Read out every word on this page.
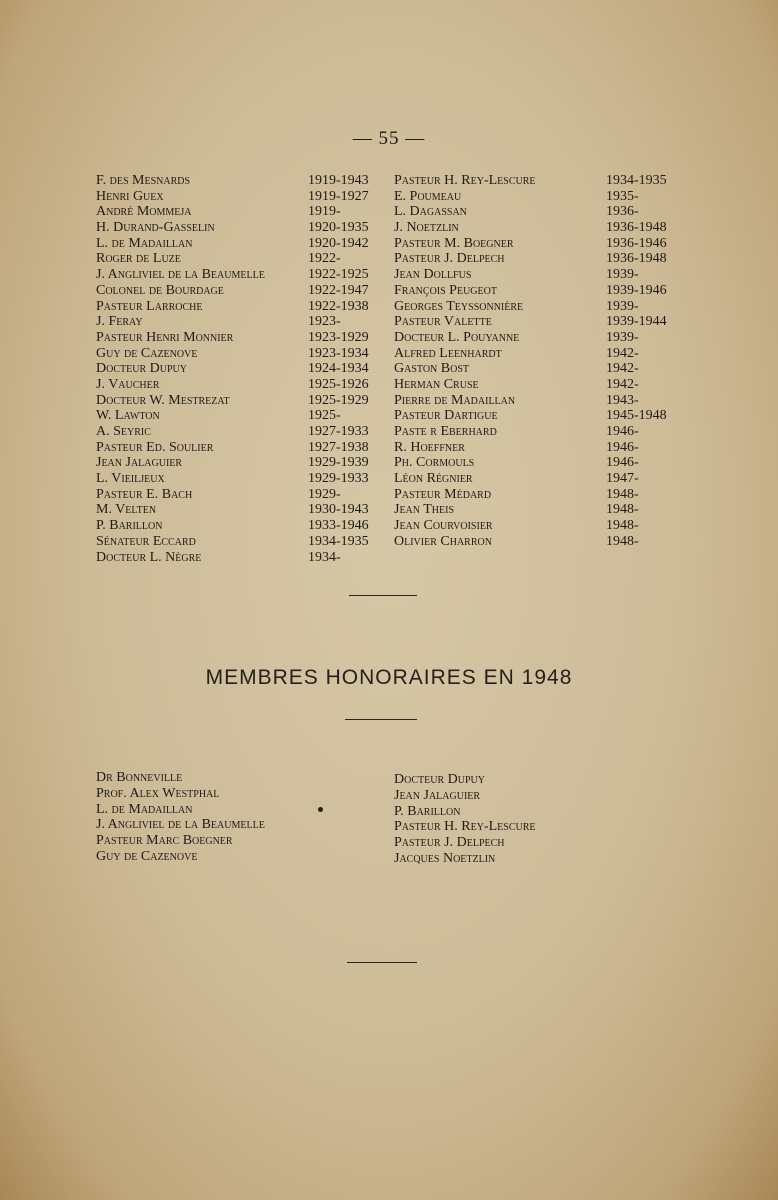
— 55 —
F. des Mesnards
Henri Guex
André Mommeja
H. Durand-Gasselin
L. de Madaillan
Roger de Luze
J. Angliviel de la Beaumelle
Colonel de Bourdage
Pasteur Larroche
J. Feray
Pasteur Henri Monnier
Guy de Cazenove
Docteur Dupuy
J. Vaucher
Docteur W. Mestrezat
W. Lawton
A. Seyric
Pasteur Ed. Soulier
Jean Jalaguier
L. Vieiljeux
Pasteur E. Bach
M. Velten
P. Barillon
Sénateur Eccard
Docteur L. Nègre
1919-1943
1919-1927
1919-
1920-1935
1920-1942
1922-
1922-1925
1922-1947
1922-1938
1923-
1923-1929
1923-1934
1924-1934
1925-1926
1925-1929
1925-
1927-1933
1927-1938
1929-1939
1929-1933
1929-
1930-1943
1933-1946
1934-1935
1934-
Pasteur H. Rey-Lescure
E. Poumeau
L. Dagassan
J. Noetzlin
Pasteur M. Boegner
Pasteur J. Delpech
Jean Dollfus
François Peugeot
Georges Teyssonnière
Pasteur Valette
Docteur L. Pouyanne
Alfred Leenhardt
Gaston Bost
Herman Cruse
Pierre de Madaillan
Pasteur Dartigue
Paste r Eberhard
R. Hoeffner
Ph. Cormouls
Léon Régnier
Pasteur Médard
Jean Theis
Jean Courvoisier
Olivier Charron
1934-1935
1935-
1936-
1936-1948
1936-1946
1936-1948
1939-
1939-1946
1939-
1939-1944
1939-
1942-
1942-
1942-
1943-
1945-1948
1946-
1946-
1946-
1947-
1948-
1948-
1948-
1948-
MEMBRES HONORAIRES EN 1948
Dr Bonneville
Prof. Alex Westphal
L. de Madaillan
J. Angliviel de la Beaumelle
Pasteur Marc Boegner
Guy de Cazenove
Docteur Dupuy
Jean Jalaguier
P. Barillon
Pasteur H. Rey-Lescure
Pasteur J. Delpech
Jacques Noetzlin
